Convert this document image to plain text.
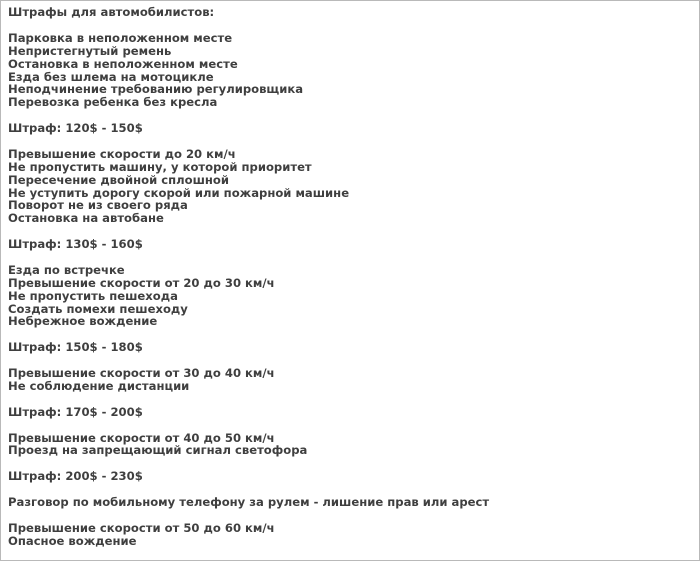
Штрафы для автомобилистов:
Парковка в неположенном месте
Непристегнутый ремень
Остановка в неположенном месте
Езда без шлема на мотоцикле
Неподчинение требованию регулировщика
Перевозка ребенка без кресла
Штраф: 120$ - 150$
Превышение скорости до 20 км/ч
Не пропустить машину, у которой приоритет
Пересечение двойной сплошной
Не уступить дорогу скорой или пожарной машине
Поворот не из своего ряда
Остановка на автобане
Штраф: 130$ - 160$
Езда по встречке
Превышение скорости от 20 до 30 км/ч
Не пропустить пешехода
Создать помехи пешеходу
Небрежное вождение
Штраф: 150$ - 180$
Превышение скорости от 30 до 40 км/ч
Не соблюдение дистанции
Штраф: 170$ - 200$
Превышение скорости от 40 до 50 км/ч
Проезд на запрещающий сигнал светофора
Штраф: 200$ - 230$
Разговор по мобильному телефону за рулем - лишение прав или арест
Превышение скорости от 50 до 60 км/ч
Опасное вождение
